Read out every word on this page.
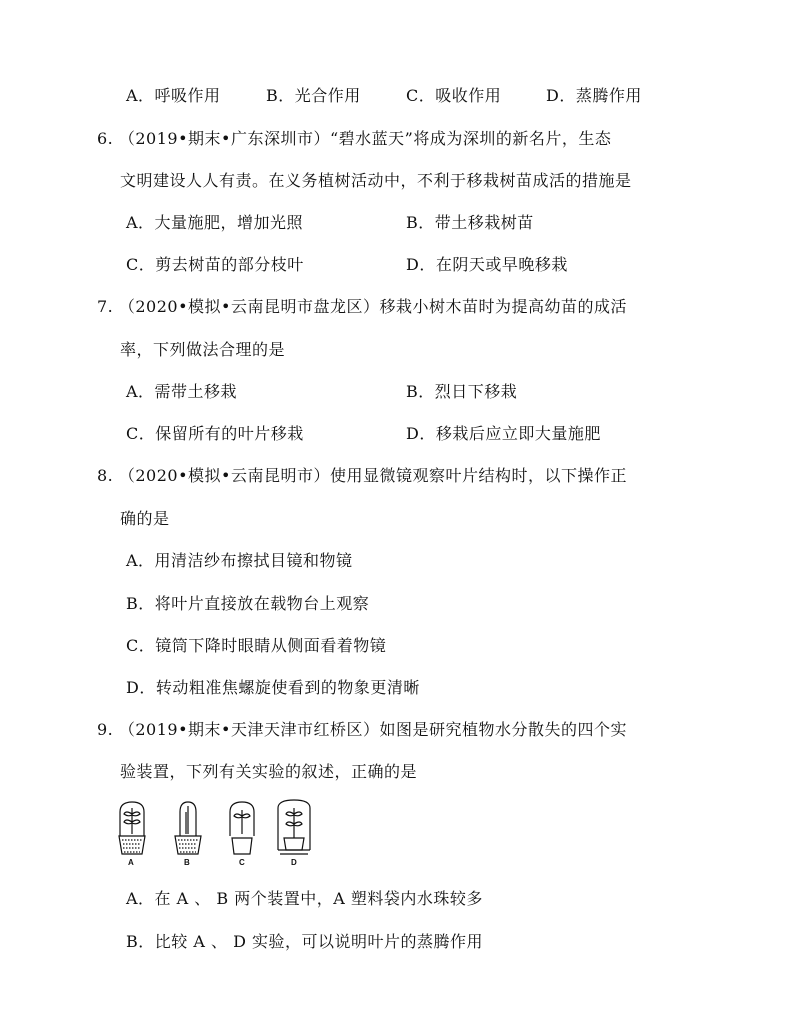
A．呼吸作用	B．光合作用	C．吸收作用	D．蒸腾作用
6. （2019•期末•广东深圳市）“碧水蓝天”将成为深圳的新名片，生态
文明建设人人有责。在义务植树活动中，不利于移栽树苗成活的措施是
A．大量施肥，增加光照	B．带土移栽树苗
C．剪去树苗的部分枝叶	D．在阴天或早晚移栽
7. （2020•模拟•云南昆明市盘龙区）移栽小树木苗时为提高幼苗的成活
率，下列做法合理的是
A．需带土移栽	B．烈日下移栽
C．保留所有的叶片移栽	D．移栽后应立即大量施肥
8. （2020•模拟•云南昆明市）使用显微镜观察叶片结构时，以下操作正
确的是
A．用清洁纱布擦拭目镜和物镜
B．将叶片直接放在载物台上观察
C．镜筒下降时眼睛从侧面看着物镜
D．转动粗准焦螺旋使看到的物象更清晰
9. （2019•期末•天津天津市红桥区）如图是研究植物水分散失的四个实
验装置，下列有关实验的叙述，正确的是
A	B	C	D
A．在 A 、 B 两个装置中，A 塑料袋内水珠较多
B．比较 A 、 D 实验，可以说明叶片的蒸腾作用
